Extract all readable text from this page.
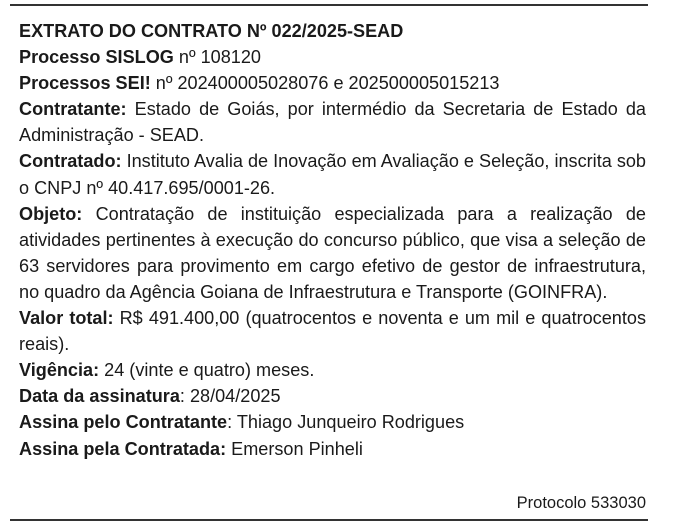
EXTRATO DO CONTRATO Nº 022/2025-SEAD

Processo SISLOG nº 108120

Processos SEI! nº 202400005028076 e 202500005015213

Contratante: Estado de Goiás, por intermédio da Secretaria de Estado da Administração - SEAD.

Contratado: Instituto Avalia de Inovação em Avaliação e Seleção, inscrita sob o CNPJ nº 40.417.695/0001-26.

Objeto: Contratação de instituição especializada para a realização de atividades pertinentes à execução do concurso público, que visa a seleção de 63 servidores para provimento em cargo efetivo de gestor de infraestrutura, no quadro da Agência Goiana de Infraestrutura e Transporte (GOINFRA).

Valor total: R$ 491.400,00 (quatrocentos e noventa e um mil e quatrocentos reais).

Vigência: 24 (vinte e quatro) meses.

Data da assinatura: 28/04/2025

Assina pelo Contratante: Thiago Junqueiro Rodrigues

Assina pela Contratada: Emerson Pinheli

Protocolo 533030
